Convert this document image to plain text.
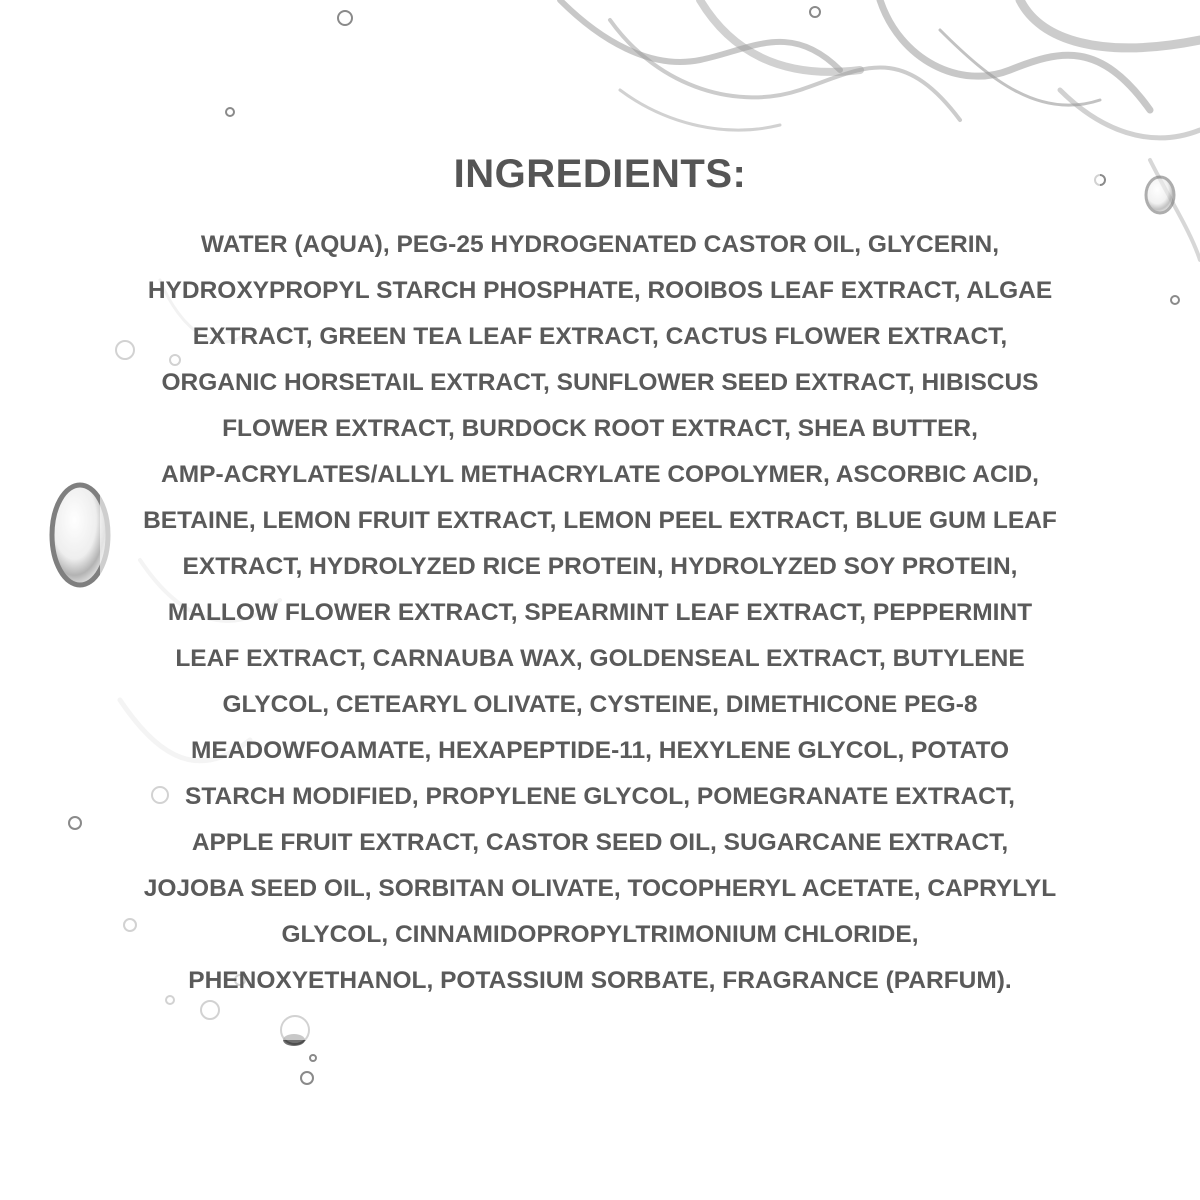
INGREDIENTS:
WATER (AQUA), PEG-25 HYDROGENATED CASTOR OIL, GLYCERIN,
HYDROXYPROPYL STARCH PHOSPHATE, ROOIBOS LEAF EXTRACT, ALGAE
EXTRACT, GREEN TEA LEAF EXTRACT, CACTUS FLOWER EXTRACT,
ORGANIC HORSETAIL EXTRACT, SUNFLOWER SEED EXTRACT, HIBISCUS
FLOWER EXTRACT, BURDOCK ROOT EXTRACT, SHEA BUTTER,
AMP-ACRYLATES/ALLYL METHACRYLATE COPOLYMER, ASCORBIC ACID,
BETAINE, LEMON FRUIT EXTRACT, LEMON PEEL EXTRACT, BLUE GUM LEAF
EXTRACT, HYDROLYZED RICE PROTEIN, HYDROLYZED SOY PROTEIN,
MALLOW FLOWER EXTRACT, SPEARMINT LEAF EXTRACT, PEPPERMINT
LEAF EXTRACT, CARNAUBA WAX, GOLDENSEAL EXTRACT, BUTYLENE
GLYCOL, CETEARYL OLIVATE, CYSTEINE, DIMETHICONE PEG-8
MEADOWFOAMATE, HEXAPEPTIDE-11, HEXYLENE GLYCOL, POTATO
STARCH MODIFIED, PROPYLENE GLYCOL, POMEGRANATE EXTRACT,
APPLE FRUIT EXTRACT, CASTOR SEED OIL, SUGARCANE EXTRACT,
JOJOBA SEED OIL, SORBITAN OLIVATE, TOCOPHERYL ACETATE, CAPRYLYL
GLYCOL, CINNAMIDOPROPYLTRIMONIUM CHLORIDE,
PHENOXYETHANOL, POTASSIUM SORBATE, FRAGRANCE (PARFUM).
